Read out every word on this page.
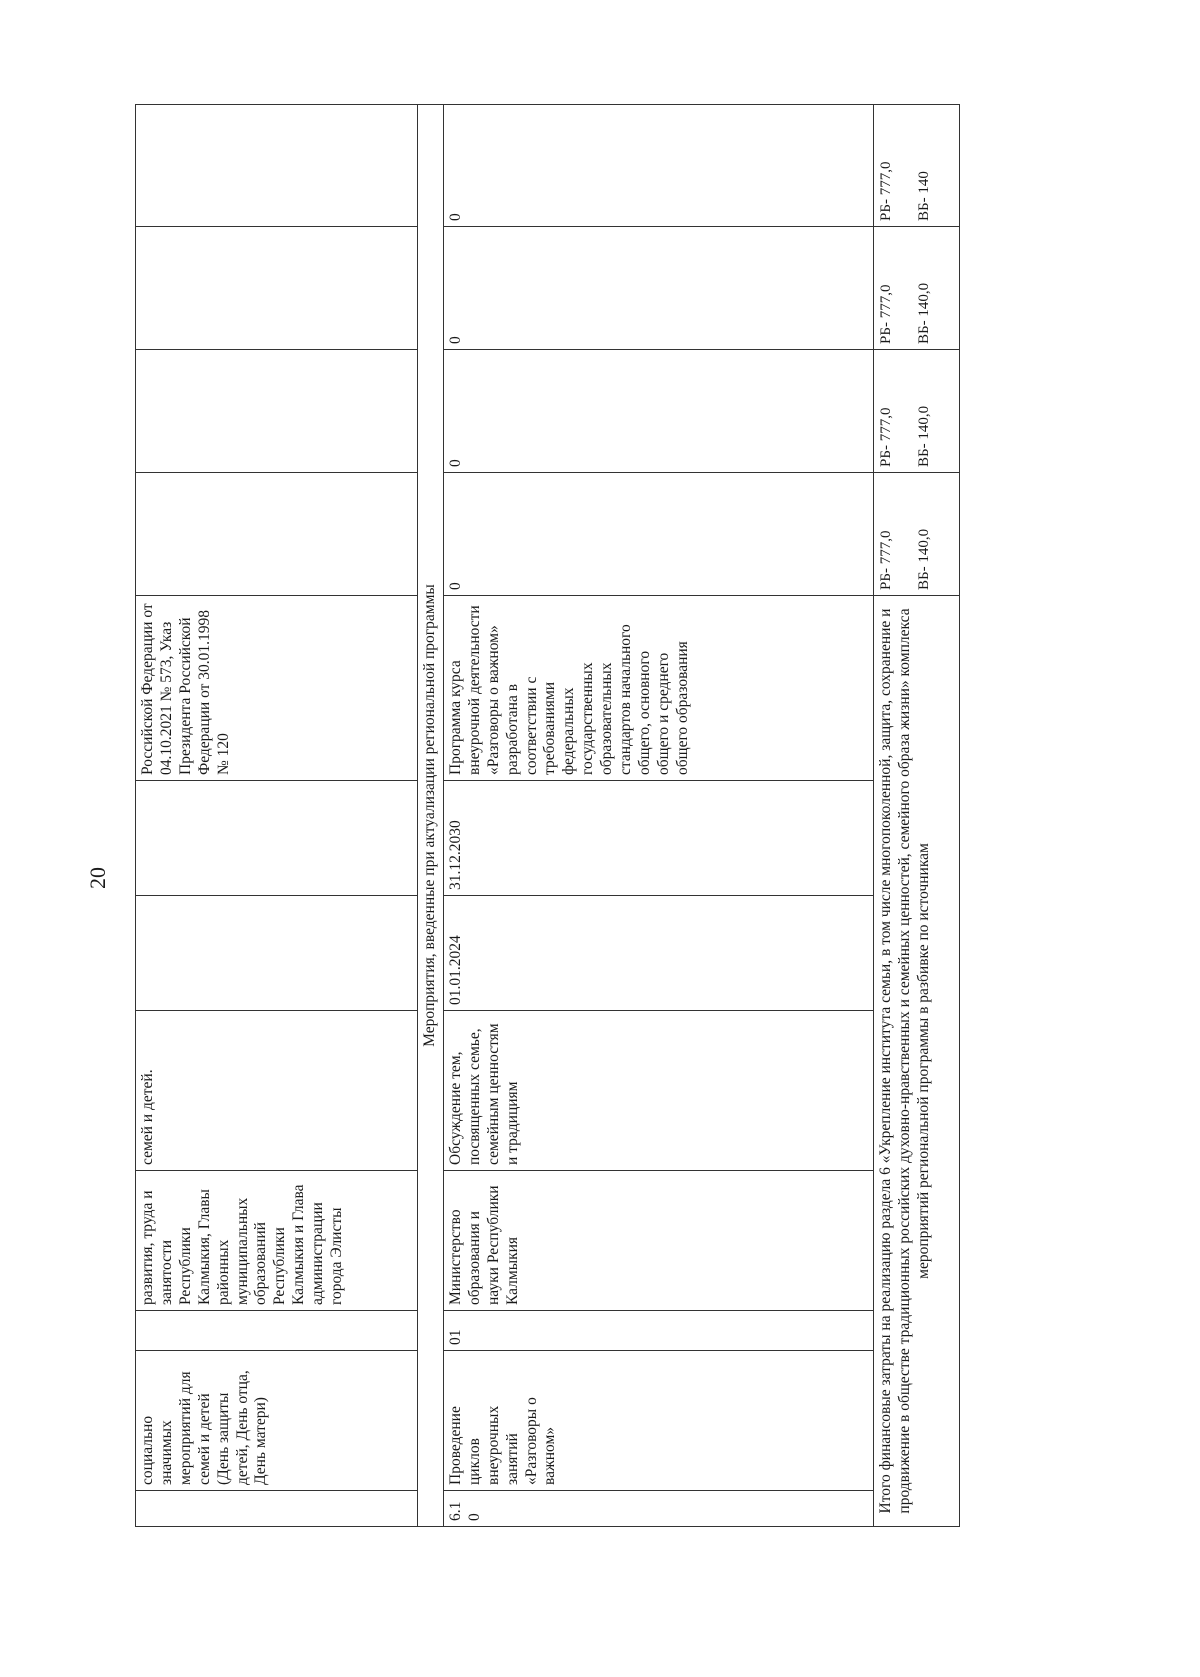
20
	социально значимых мероприятий для семей и детей (День защиты детей, День отца, День матери)		развития, труда и занятости Республики Калмыкия, Главы районных муниципальных образований Республики Калмыкия и Глава администрации города Элисты	семей и детей.			Российской Федерации от 04.10.2021 № 573, Указ Президента Российской Федерации от 30.01.1998 № 120				
Мероприятия, введенные при актуализации региональной программы											
6.10	Проведение циклов внеурочных занятий «Разговоры о важном»	01	Министерство образования и науки Республики Калмыкия	Обсуждение тем, посвященных семье, семейным ценностям и традициям	01.01.2024	31.12.2030	Программа курса внеурочной деятельности «Разговоры о важном» разработана в соответствии с требованиями федеральных государственных образовательных стандартов начального общего, основного общего и среднего общего образования	0	0	0	0
Итого финансовые затраты на реализацию раздела 6 «Укрепление института семьи, в том числе многопоколенной, защита, сохранение и продвижение в обществе традиционных российских духовно-нравственных и семейных ценностей, семейного образа жизни» комплекса мероприятий региональной программы в разбивке по источникам								РБ- 777,0 ВБ- 140,0	РБ- 777,0 ВБ- 140,0	РБ- 777,0 ВБ- 140,0	РБ- 777,0 ВБ- 140
